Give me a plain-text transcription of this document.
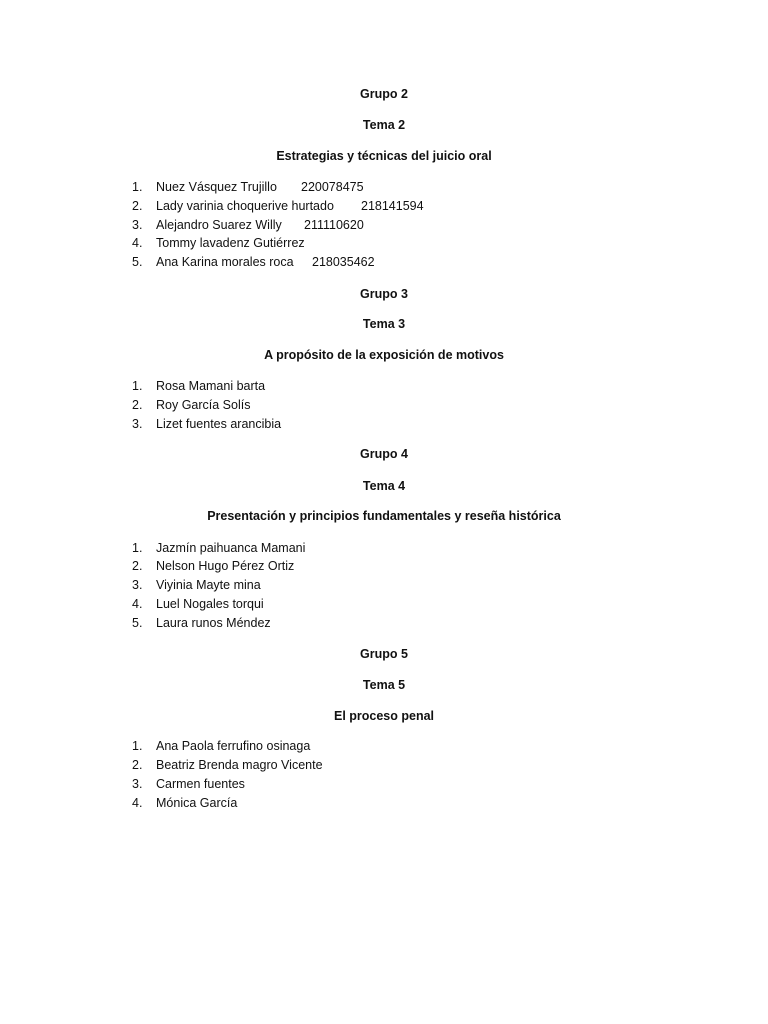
Grupo 2
Tema 2
Estrategias y técnicas del juicio oral
1. Nuez Vásquez Trujillo 220078475
2. Lady varinia choquerive hurtado 218141594
3. Alejandro Suarez Willy 211110620
4. Tommy lavadenz Gutiérrez
5. Ana Karina morales roca 218035462
Grupo 3
Tema 3
A propósito de la exposición de motivos
1. Rosa Mamani barta
2. Roy García Solís
3. Lizet fuentes arancibia
Grupo 4
Tema 4
Presentación y principios fundamentales y reseña histórica
1. Jazmín paihuanca Mamani
2. Nelson Hugo Pérez Ortiz
3. Viyinia Mayte mina
4. Luel Nogales torqui
5. Laura runos Méndez
Grupo 5
Tema 5
El proceso penal
1. Ana Paola ferrufino osinaga
2. Beatriz Brenda magro Vicente
3. Carmen fuentes
4. Mónica García
